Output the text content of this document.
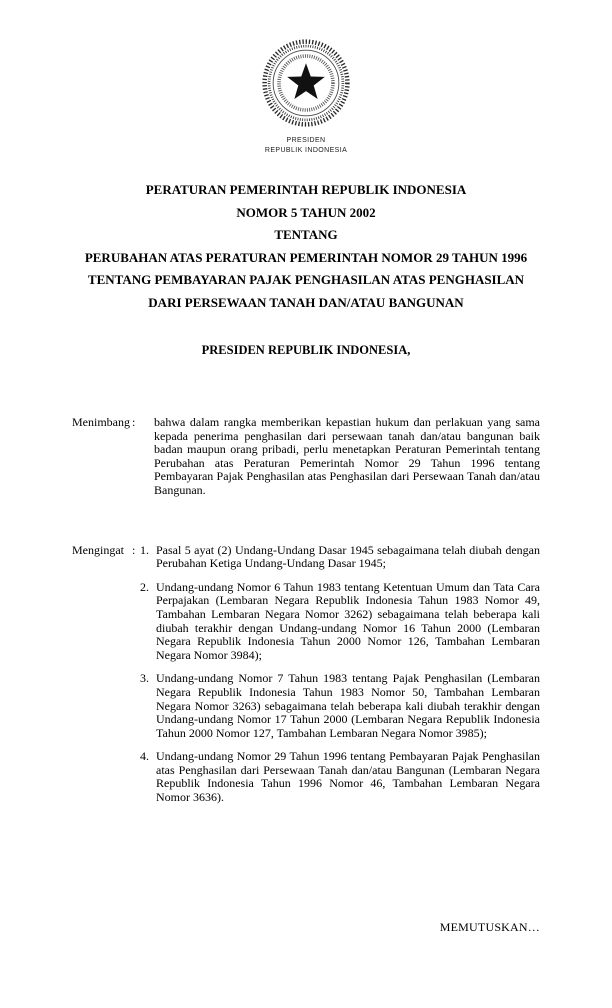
PRESIDEN
REPUBLIK INDONESIA
PERATURAN PEMERINTAH REPUBLIK INDONESIA
NOMOR 5 TAHUN 2002
TENTANG
PERUBAHAN ATAS PERATURAN PEMERINTAH NOMOR 29 TAHUN 1996
TENTANG PEMBAYARAN PAJAK PENGHASILAN ATAS PENGHASILAN
DARI PERSEWAAN TANAH DAN/ATAU BANGUNAN
PRESIDEN REPUBLIK INDONESIA,
Menimbang :	bahwa dalam rangka memberikan kepastian hukum dan perlakuan yang sama kepada penerima penghasilan dari persewaan tanah dan/atau bangunan baik badan maupun orang pribadi, perlu menetapkan Peraturan Pemerintah tentang Perubahan atas Peraturan Pemerintah Nomor 29 Tahun 1996 tentang Pembayaran Pajak Penghasilan atas Penghasilan dari Persewaan Tanah dan/atau Bangunan.
Mengingat : 1. Pasal 5 ayat (2) Undang-Undang Dasar 1945 sebagaimana telah diubah dengan Perubahan Ketiga Undang-Undang Dasar 1945;
2. Undang-undang Nomor 6 Tahun 1983 tentang Ketentuan Umum dan Tata Cara Perpajakan (Lembaran Negara Republik Indonesia Tahun 1983 Nomor 49, Tambahan Lembaran Negara Nomor 3262) sebagaimana telah beberapa kali diubah terakhir dengan Undang-undang Nomor 16 Tahun 2000 (Lembaran Negara Republik Indonesia Tahun 2000 Nomor 126, Tambahan Lembaran Negara Nomor 3984);
3. Undang-undang Nomor 7 Tahun 1983 tentang Pajak Penghasilan (Lembaran Negara Republik Indonesia Tahun 1983 Nomor 50, Tambahan Lembaran Negara Nomor 3263) sebagaimana telah beberapa kali diubah terakhir dengan Undang-undang Nomor 17 Tahun 2000 (Lembaran Negara Republik Indonesia Tahun 2000 Nomor 127, Tambahan Lembaran Negara Nomor 3985);
4. Undang-undang Nomor 29 Tahun 1996 tentang Pembayaran Pajak Penghasilan atas Penghasilan dari Persewaan Tanah dan/atau Bangunan (Lembaran Negara Republik Indonesia Tahun 1996 Nomor 46, Tambahan Lembaran Negara Nomor 3636).
MEMUTUSKAN…
